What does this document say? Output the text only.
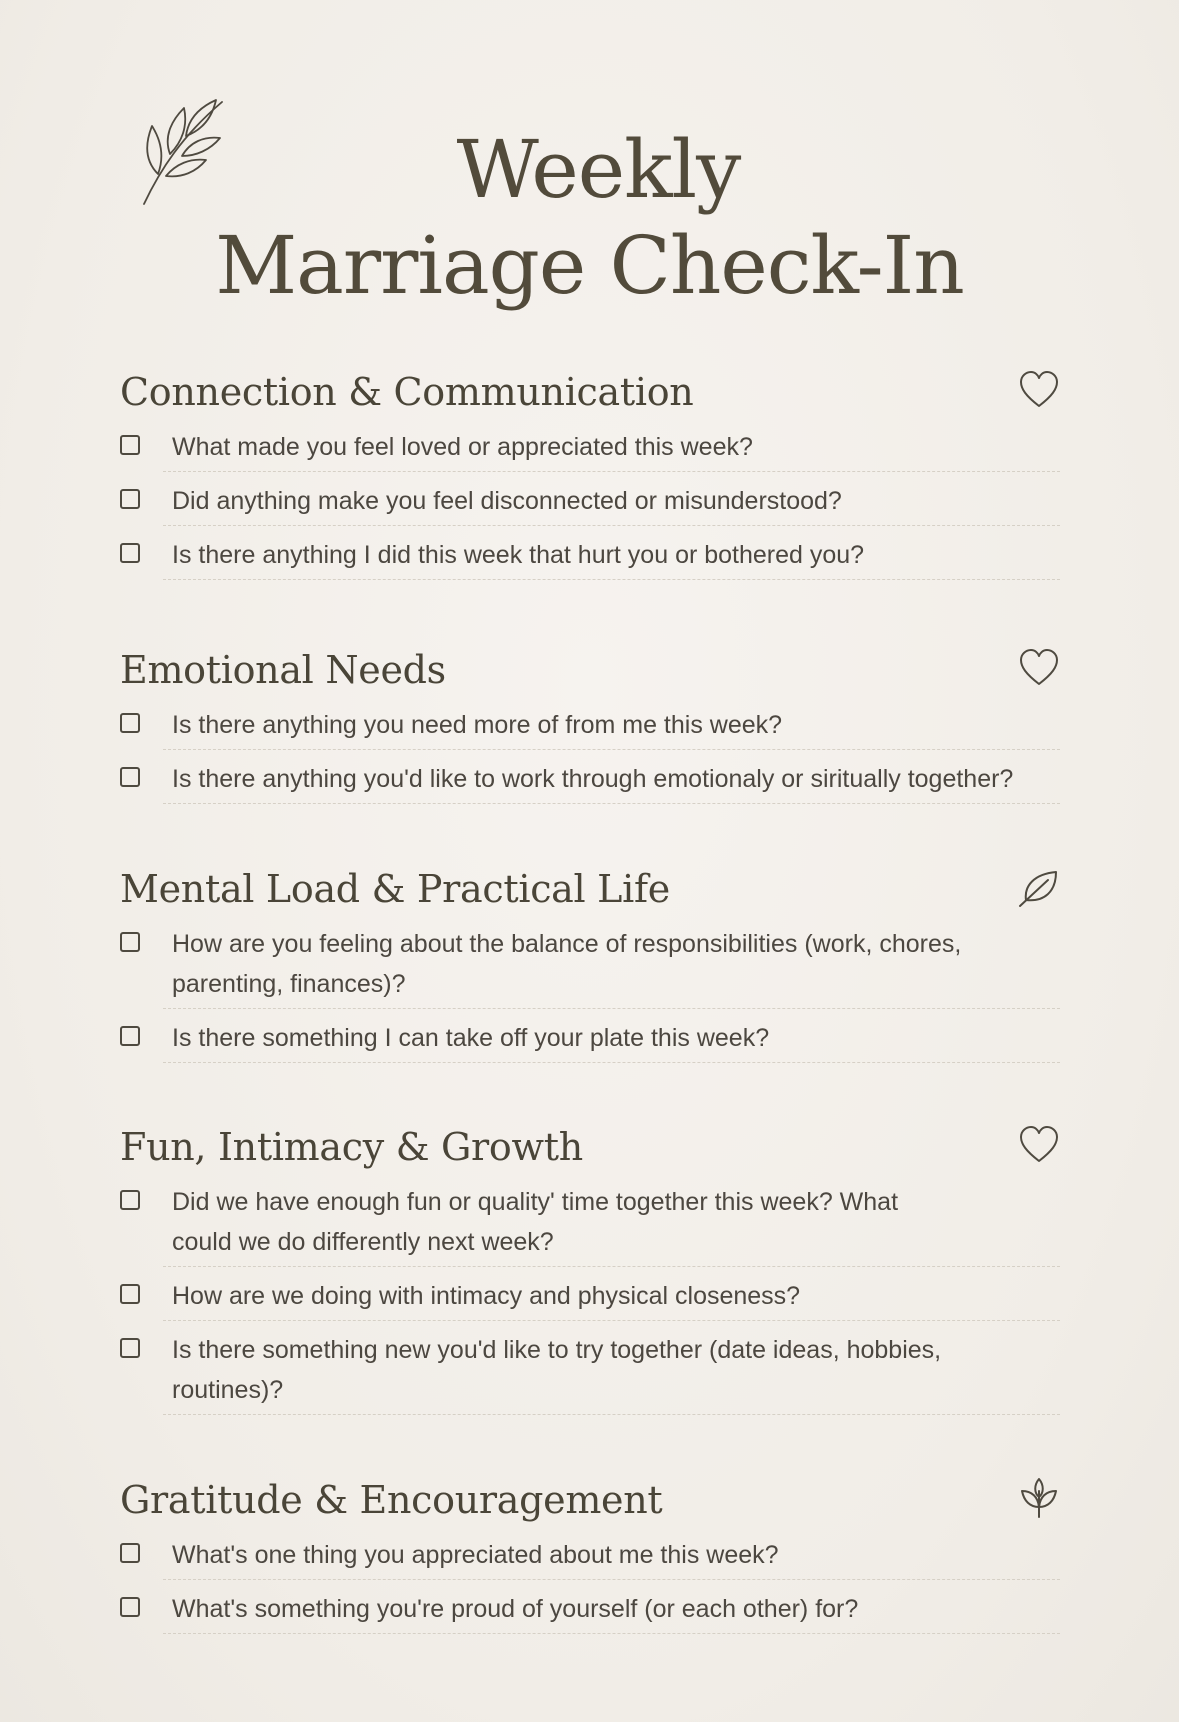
Weekly
Marriage Check-In
Connection & Communication
What made you feel loved or appreciated this week?
Did anything make you feel disconnected or misunderstood?
Is there anything I did this week that hurt you or bothered you?
Emotional Needs
Is there anything you need more of from me this week?
Is there anything you'd like to work through emotionaly or siritually together?
Mental Load & Practical Life
How are you feeling about the balance of responsibilities (work, chores, parenting, finances)?
Is there something I can take off your plate this week?
Fun, Intimacy & Growth
Did we have enough fun or quality' time together this week? What could we do differently next week?
How are we doing with intimacy and physical closeness?
Is there something new you'd like to try together (date ideas, hobbies, routines)?
Gratitude & Encouragement
What's one thing you appreciated about me this week?
What's something you're proud of yourself (or each other) for?
